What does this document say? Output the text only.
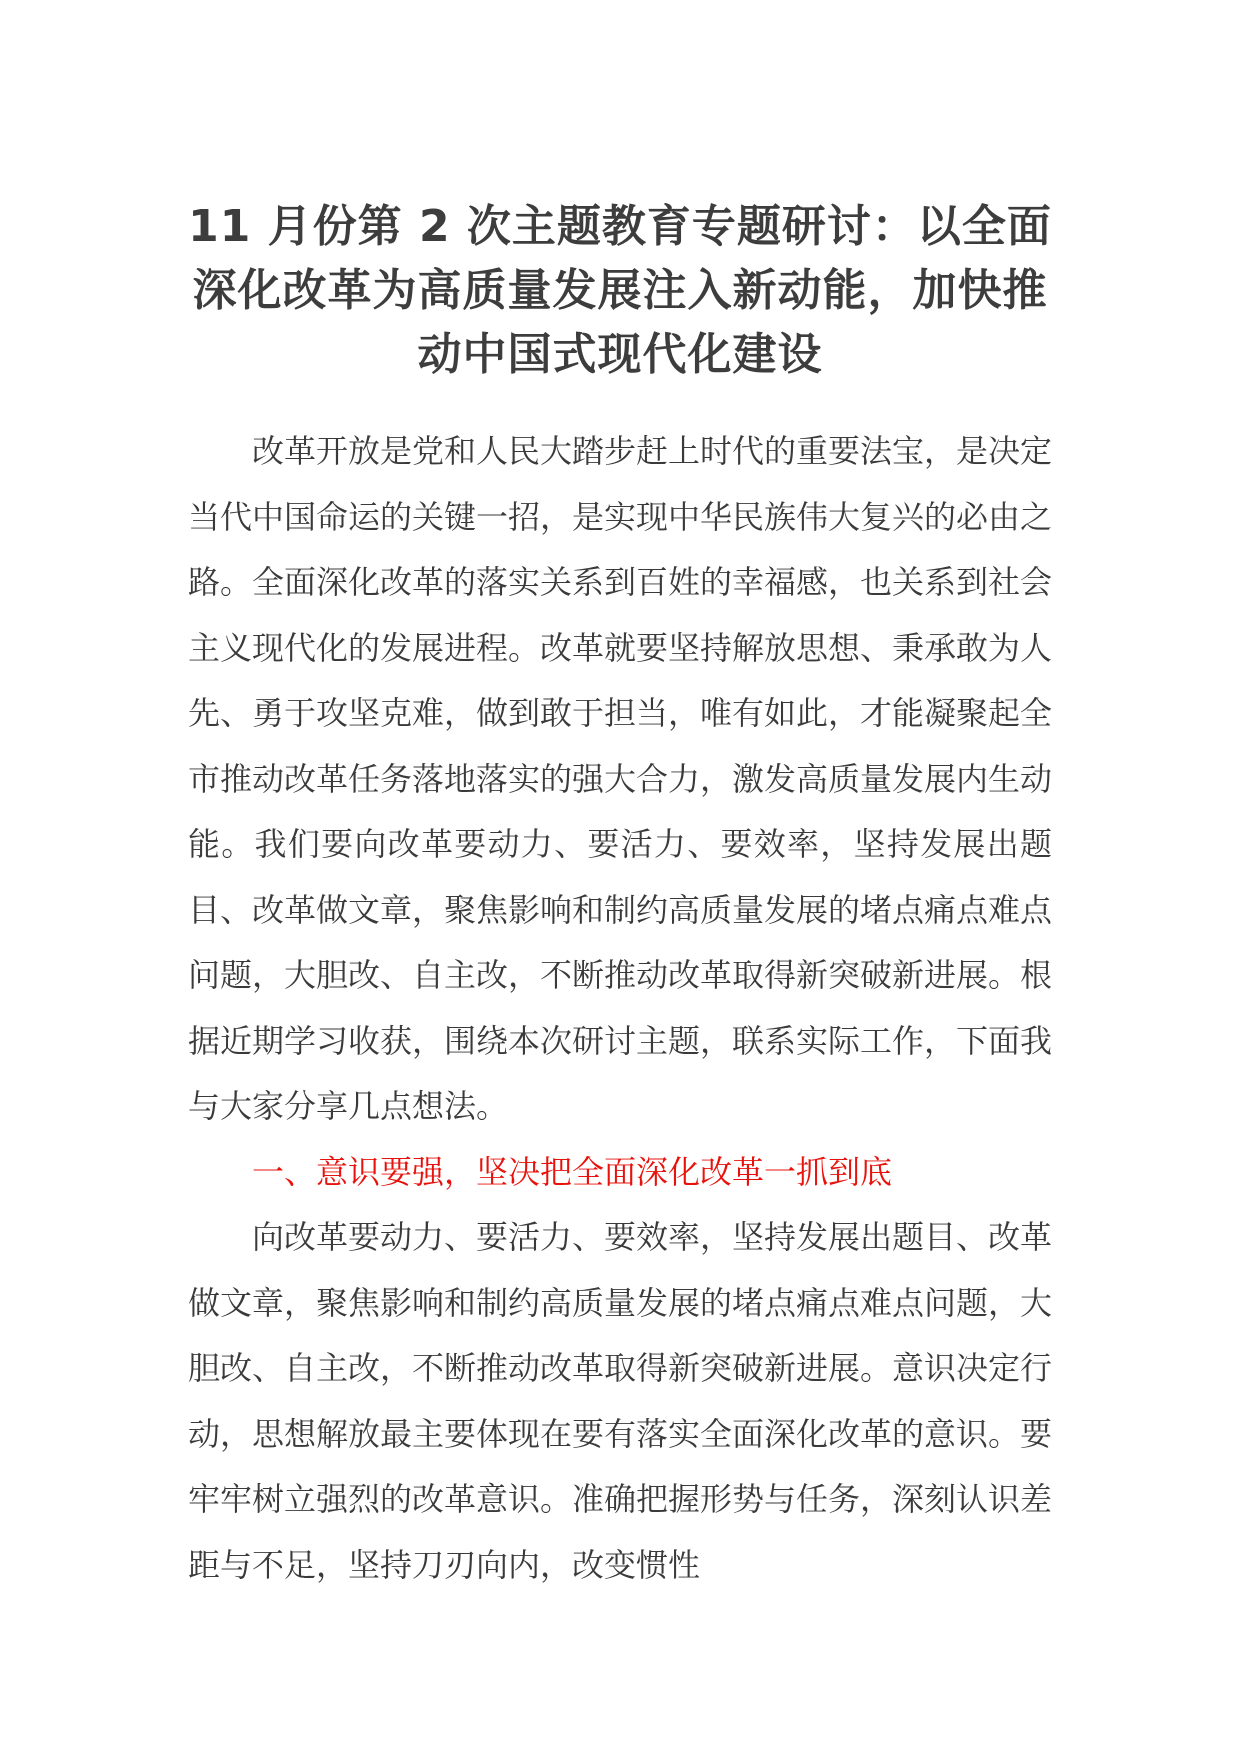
11 月份第 2 次主题教育专题研讨：以全面深化改革为高质量发展注入新动能，加快推动中国式现代化建设

改革开放是党和人民大踏步赶上时代的重要法宝，是决定当代中国命运的关键一招，是实现中华民族伟大复兴的必由之路。全面深化改革的落实关系到百姓的幸福感，也关系到社会主义现代化的发展进程。改革就要坚持解放思想、秉承敢为人先、勇于攻坚克难，做到敢于担当，唯有如此，才能凝聚起全市推动改革任务落地落实的强大合力，激发高质量发展内生动能。我们要向改革要动力、要活力、要效率，坚持发展出题目、改革做文章，聚焦影响和制约高质量发展的堵点痛点难点问题，大胆改、自主改，不断推动改革取得新突破新进展。根据近期学习收获，围绕本次研讨主题，联系实际工作，下面我与大家分享几点想法。

一、意识要强，坚决把全面深化改革一抓到底

向改革要动力、要活力、要效率，坚持发展出题目、改革做文章，聚焦影响和制约高质量发展的堵点痛点难点问题，大胆改、自主改，不断推动改革取得新突破新进展。意识决定行动，思想解放最主要体现在要有落实全面深化改革的意识。要牢牢树立强烈的改革意识。准确把握形势与任务，深刻认识差距与不足，坚持刀刃向内，改变惯性
